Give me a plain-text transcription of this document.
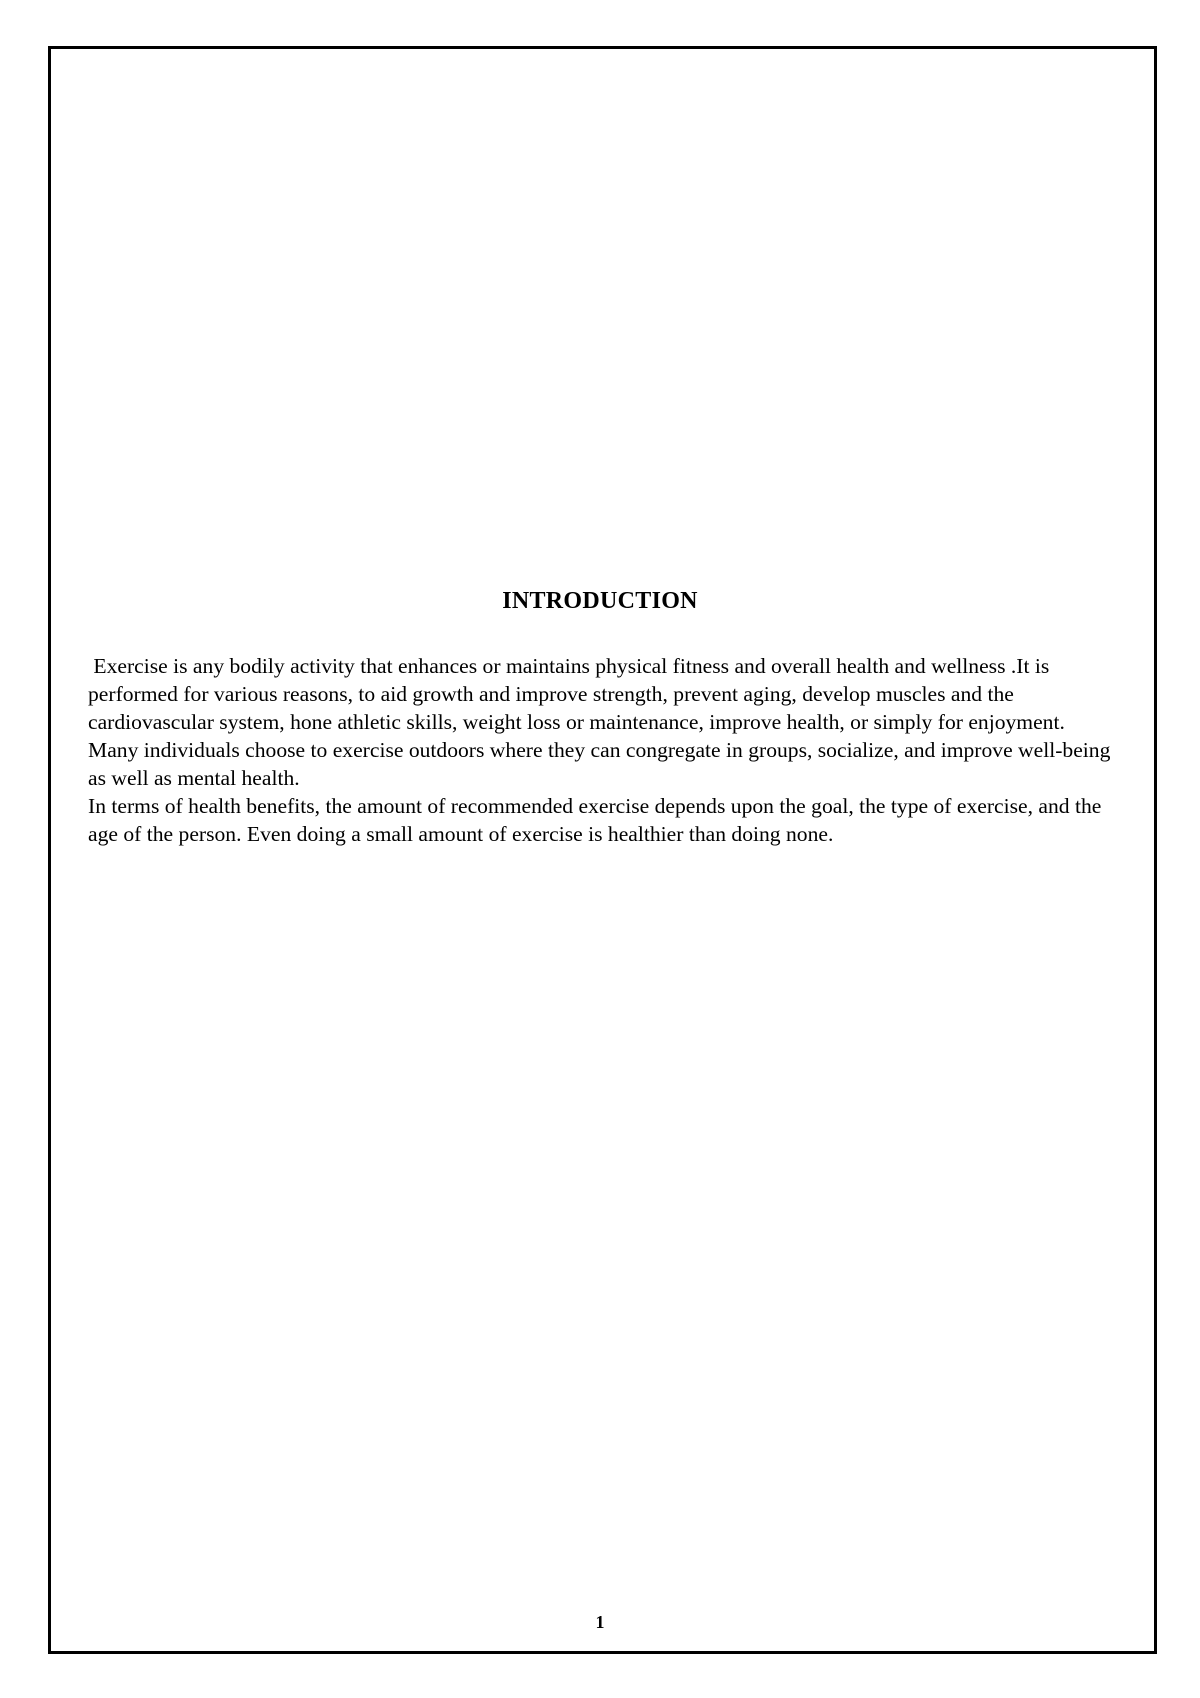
INTRODUCTION

Exercise is any bodily activity that enhances or maintains physical fitness and overall health and wellness .It is performed for various reasons, to aid growth and improve strength, prevent aging, develop muscles and the cardiovascular system, hone athletic skills, weight loss or maintenance, improve health, or simply for enjoyment. Many individuals choose to exercise outdoors where they can congregate in groups, socialize, and improve well-being as well as mental health.

In terms of health benefits, the amount of recommended exercise depends upon the goal, the type of exercise, and the age of the person. Even doing a small amount of exercise is healthier than doing none.

1
